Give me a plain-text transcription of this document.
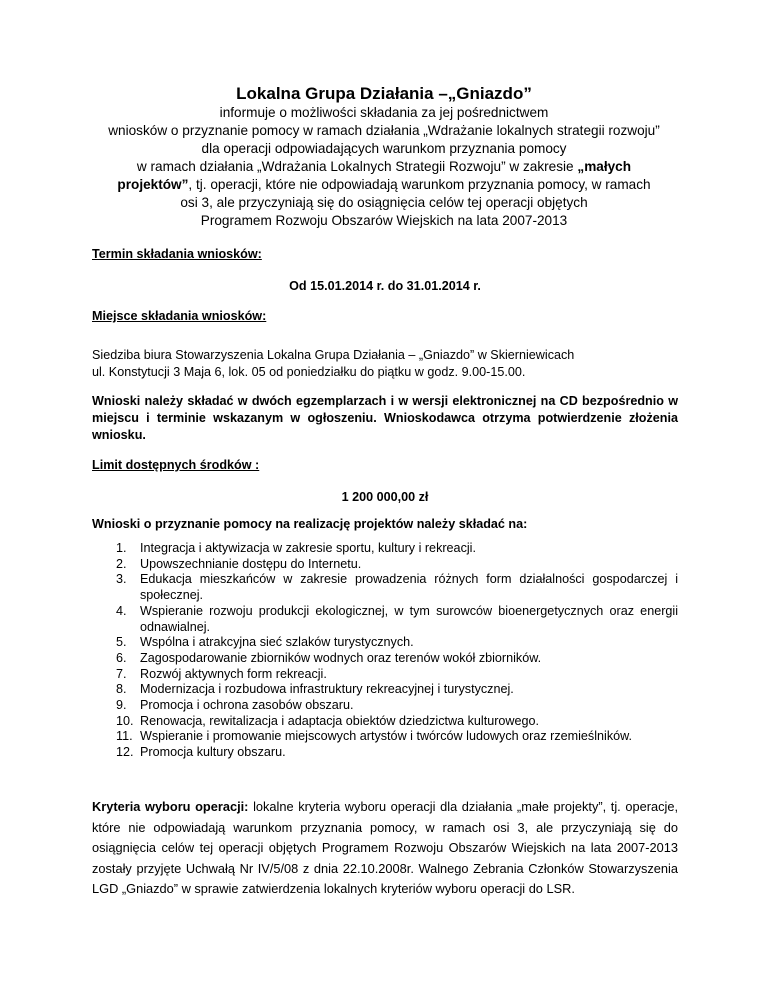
Lokalna Grupa Działania –„Gniazdo”
informuje o możliwości składania za jej pośrednictwem
wniosków o przyznanie pomocy w ramach działania „Wdrażanie lokalnych strategii rozwoju”
dla operacji odpowiadających warunkom przyznania pomocy
w ramach działania „Wdrażania Lokalnych Strategii Rozwoju” w zakresie „małych
projektów”, tj. operacji, które nie odpowiadają warunkom przyznania pomocy, w ramach
osi 3, ale przyczyniają się do osiągnięcia celów tej operacji objętych
Programem Rozwoju Obszarów Wiejskich na lata 2007-2013
Termin składania wniosków:
Od 15.01.2014 r. do 31.01.2014 r.
Miejsce składania wniosków:
Siedziba biura Stowarzyszenia Lokalna Grupa Działania – „Gniazdo” w Skierniewicach
ul. Konstytucji 3 Maja 6, lok. 05 od poniedziałku do piątku w godz. 9.00-15.00.
Wnioski należy składać w dwóch egzemplarzach i w wersji elektronicznej na CD bezpośrednio w miejscu i terminie wskazanym w ogłoszeniu. Wnioskodawca otrzyma potwierdzenie złożenia wniosku.
Limit dostępnych środków :
1 200 000,00 zł
Wnioski o przyznanie pomocy na realizację projektów należy składać na:
1.	Integracja i aktywizacja w zakresie sportu, kultury i rekreacji.
2.	Upowszechnianie dostępu do Internetu.
3.	Edukacja mieszkańców w zakresie prowadzenia różnych form działalności gospodarczej i społecznej.
4.	Wspieranie rozwoju produkcji ekologicznej, w tym surowców bioenergetycznych oraz energii odnawialnej.
5.	Wspólna i atrakcyjna sieć szlaków turystycznych.
6.	Zagospodarowanie zbiorników wodnych oraz terenów wokół zbiorników.
7.	Rozwój aktywnych form rekreacji.
8.	Modernizacja i rozbudowa infrastruktury rekreacyjnej i turystycznej.
9.	Promocja i ochrona zasobów obszaru.
10. Renowacja, rewitalizacja i adaptacja obiektów dziedzictwa kulturowego.
11. Wspieranie i promowanie miejscowych artystów i twórców ludowych oraz rzemieślników.
12. Promocja kultury obszaru.
Kryteria wyboru operacji: lokalne kryteria wyboru operacji dla działania „małe projekty”, tj. operacje, które nie odpowiadają warunkom przyznania pomocy, w ramach osi 3, ale przyczyniają się do osiągnięcia celów tej operacji objętych Programem Rozwoju Obszarów Wiejskich na lata 2007-2013 zostały przyjęte Uchwałą Nr IV/5/08 z dnia 22.10.2008r. Walnego Zebrania Członków Stowarzyszenia LGD „Gniazdo” w sprawie zatwierdzenia lokalnych kryteriów wyboru operacji do LSR.
